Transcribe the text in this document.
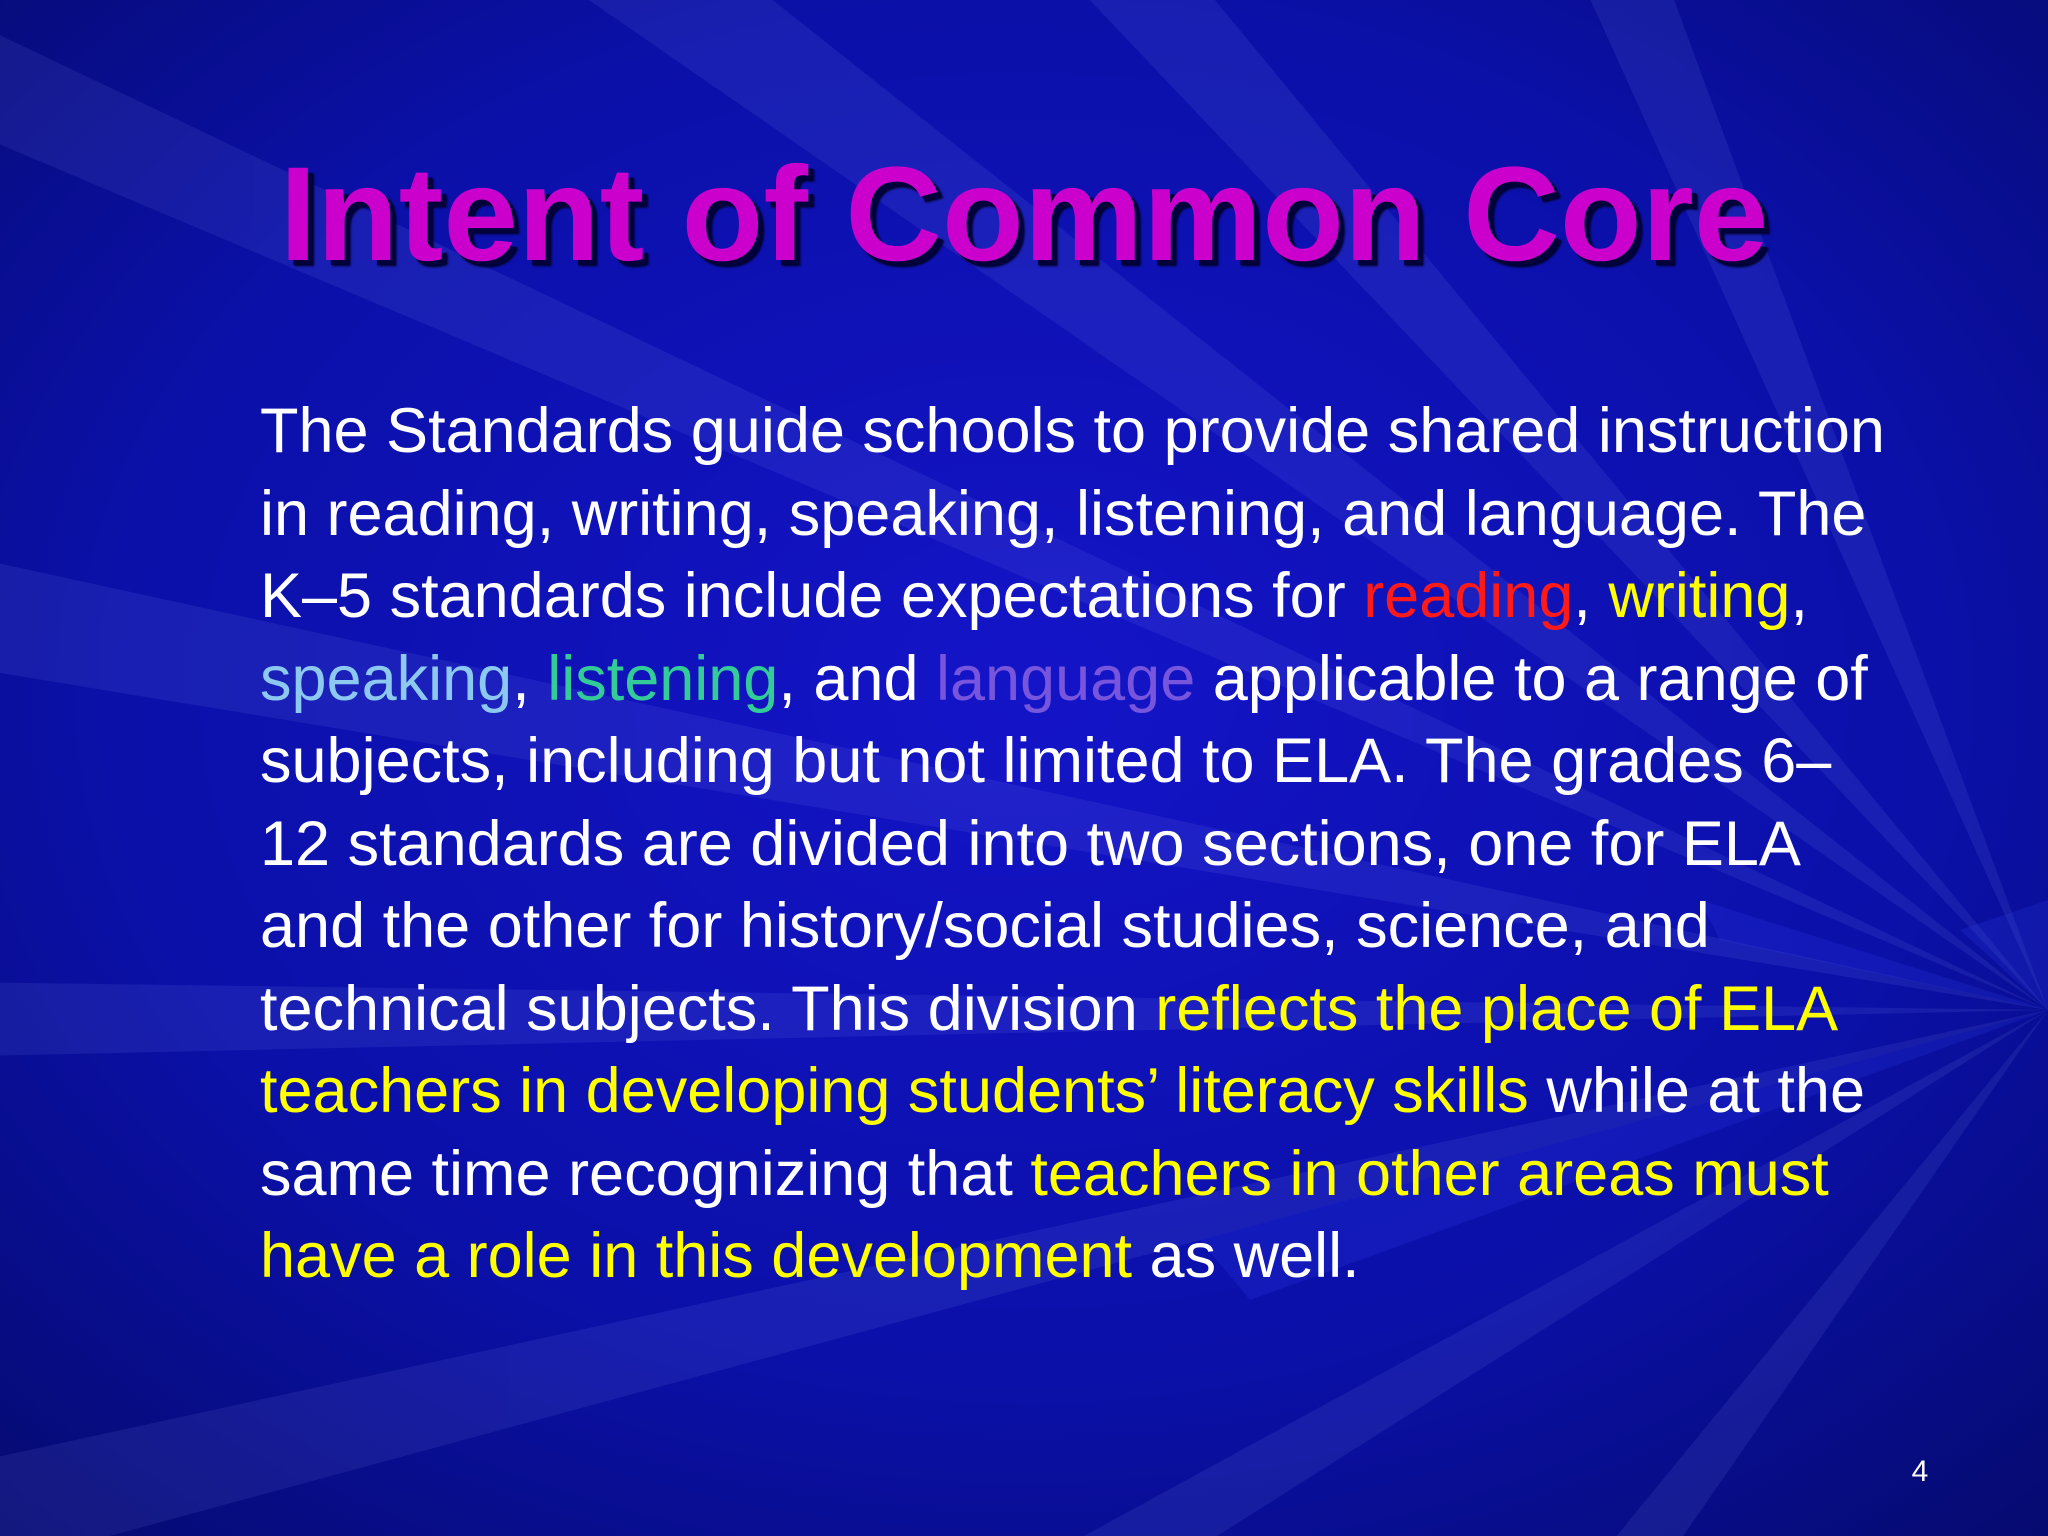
Intent of Common Core
The Standards guide schools to provide shared instruction in reading, writing, speaking, listening, and language. The K–5 standards include expectations for reading, writing, speaking, listening, and language applicable to a range of subjects, including but not limited to ELA. The grades 6–12 standards are divided into two sections, one for ELA and the other for history/social studies, science, and technical subjects. This division reflects the place of ELA teachers in developing students’ literacy skills while at the same time recognizing that teachers in other areas must have a role in this development as well.
4
